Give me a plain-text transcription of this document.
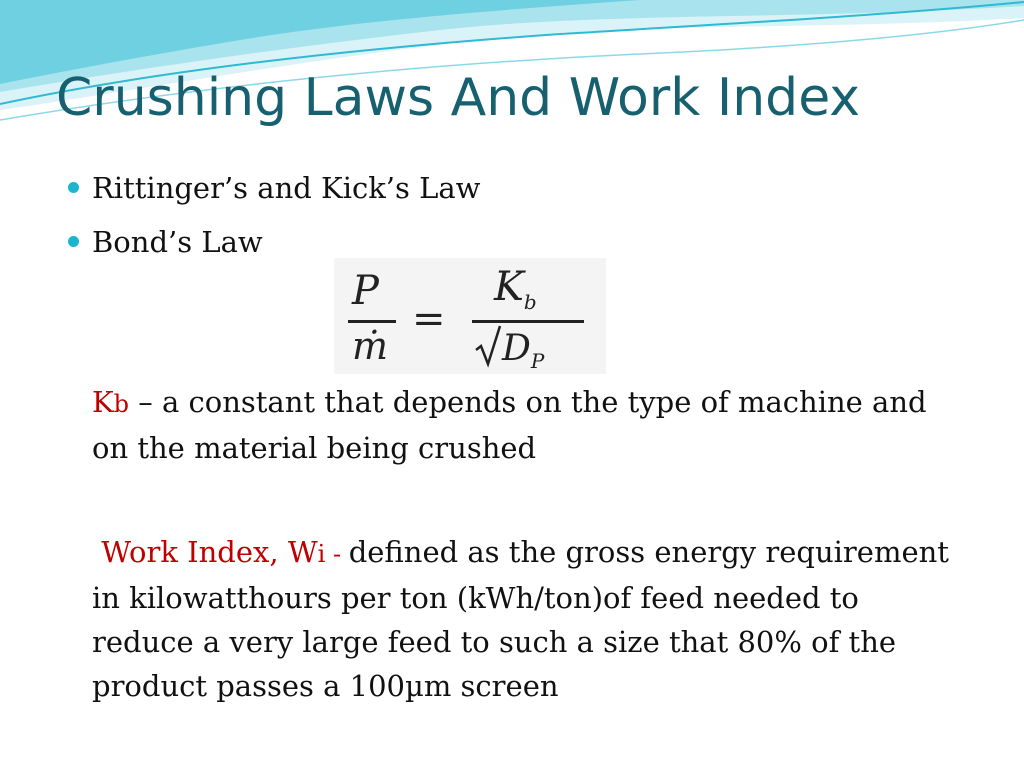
Crushing Laws And Work Index
Rittinger’s and Kick’s Law
Bond’s Law
P
ṁ
=
$K_b$
$D_P$

Kb – a constant that depends on the type of machine and on the material being crushed

Work Index, Wi - defined as the gross energy requirement in kilowatthours per ton (kWh/ton)of feed needed to reduce a very large feed to such a size that 80% of the product passes a 100µm screen
